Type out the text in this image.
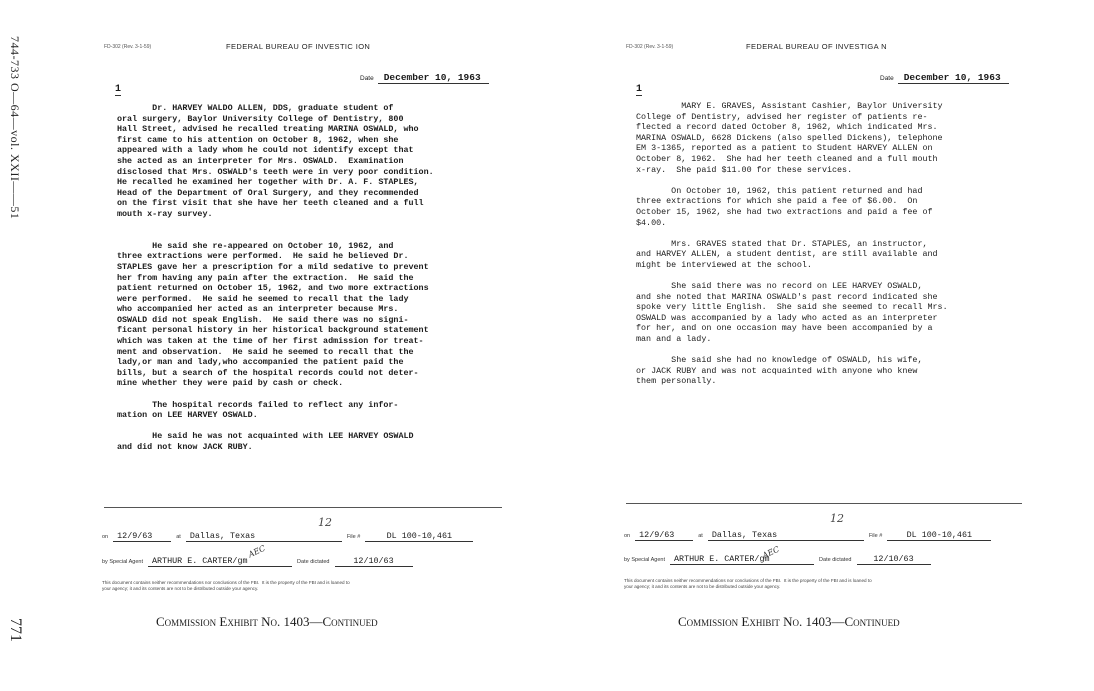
744-733 O—64—vol. XXII——51
771
FD-302 (Rev. 3-1-59)	FEDERAL BUREAU OF INVESTIC ION
Date December 10, 1963
1
Dr. HARVEY WALDO ALLEN, DDS, graduate student of
oral surgery, Baylor University College of Dentistry, 800
Hall Street, advised he recalled treating MARINA OSWALD, who
first came to his attention on October 8, 1962, when she
appeared with a lady whom he could not identify except that
she acted as an interpreter for Mrs. OSWALD.  Examination
disclosed that Mrs. OSWALD's teeth were in very poor condition.
He recalled he examined her together with Dr. A. F. STAPLES,
Head of the Department of Oral Surgery, and they recommended
on the first visit that she have her teeth cleaned and a full
mouth x-ray survey.

He said she re-appeared on October 10, 1962, and
three extractions were performed.  He said he believed Dr.
STAPLES gave her a prescription for a mild sedative to prevent
her from having any pain after the extraction.  He said the
patient returned on October 15, 1962, and two more extractions
were performed.  He said he seemed to recall that the lady
who accompanied her acted as an interpreter because Mrs.
OSWALD did not speak English.  He said there was no signi-
ficant personal history in her historical background statement
which was taken at the time of her first admission for treat-
ment and observation.  He said he seemed to recall that the
lady,or man and lady,who accompanied the patient paid the
bills, but a search of the hospital records could not deter-
mine whether they were paid by cash or check.

The hospital records failed to reflect any infor-
mation on LEE HARVEY OSWALD.

He said he was not acquainted with LEE HARVEY OSWALD
and did not know JACK RUBY.
12
on 12/9/63	at Dallas, Texas	File #	DL 100-10,461
AEC
by Special Agent ARTHUR E. CARTER/gm	Date dictated	12/10/63
This document contains neither recommendations nor conclusions of the FBI.  It is the property of the FBI and is loaned to
your agency; it and its contents are not to be distributed outside your agency.
Commission Exhibit No. 1403—Continued
FD-302 (Rev. 3-1-59)	FEDERAL BUREAU OF INVESTIGA N
Date December 10, 1963
1
MARY E. GRAVES, Assistant Cashier, Baylor University
College of Dentistry, advised her register of patients re-
flected a record dated October 8, 1962, which indicated Mrs.
MARINA OSWALD, 6628 Dickens (also spelled Dickens), telephone
EM 3-1365, reported as a patient to Student HARVEY ALLEN on
October 8, 1962.  She had her teeth cleaned and a full mouth
x-ray.  She paid $11.00 for these services.

On October 10, 1962, this patient returned and had
three extractions for which she paid a fee of $6.00.  On
October 15, 1962, she had two extractions and paid a fee of
$4.00.

Mrs. GRAVES stated that Dr. STAPLES, an instructor,
and HARVEY ALLEN, a student dentist, are still available and
might be interviewed at the school.

She said there was no record on LEE HARVEY OSWALD,
and she noted that MARINA OSWALD's past record indicated she
spoke very little English.  She said she seemed to recall Mrs.
OSWALD was accompanied by a lady who acted as an interpreter
for her, and on one occasion may have been accompanied by a
man and a lady.

She said she had no knowledge of OSWALD, his wife,
or JACK RUBY and was not acquainted with anyone who knew
them personally.
12
on 12/9/63	at Dallas, Texas	File #	DL 100-10,461
AEC
by Special Agent ARTHUR E. CARTER/gm	Date dictated	12/10/63
This document contains neither recommendations nor conclusions of the FBI.  It is the property of the FBI and is loaned to
your agency; it and its contents are not to be distributed outside your agency.
Commission Exhibit No. 1403—Continued
